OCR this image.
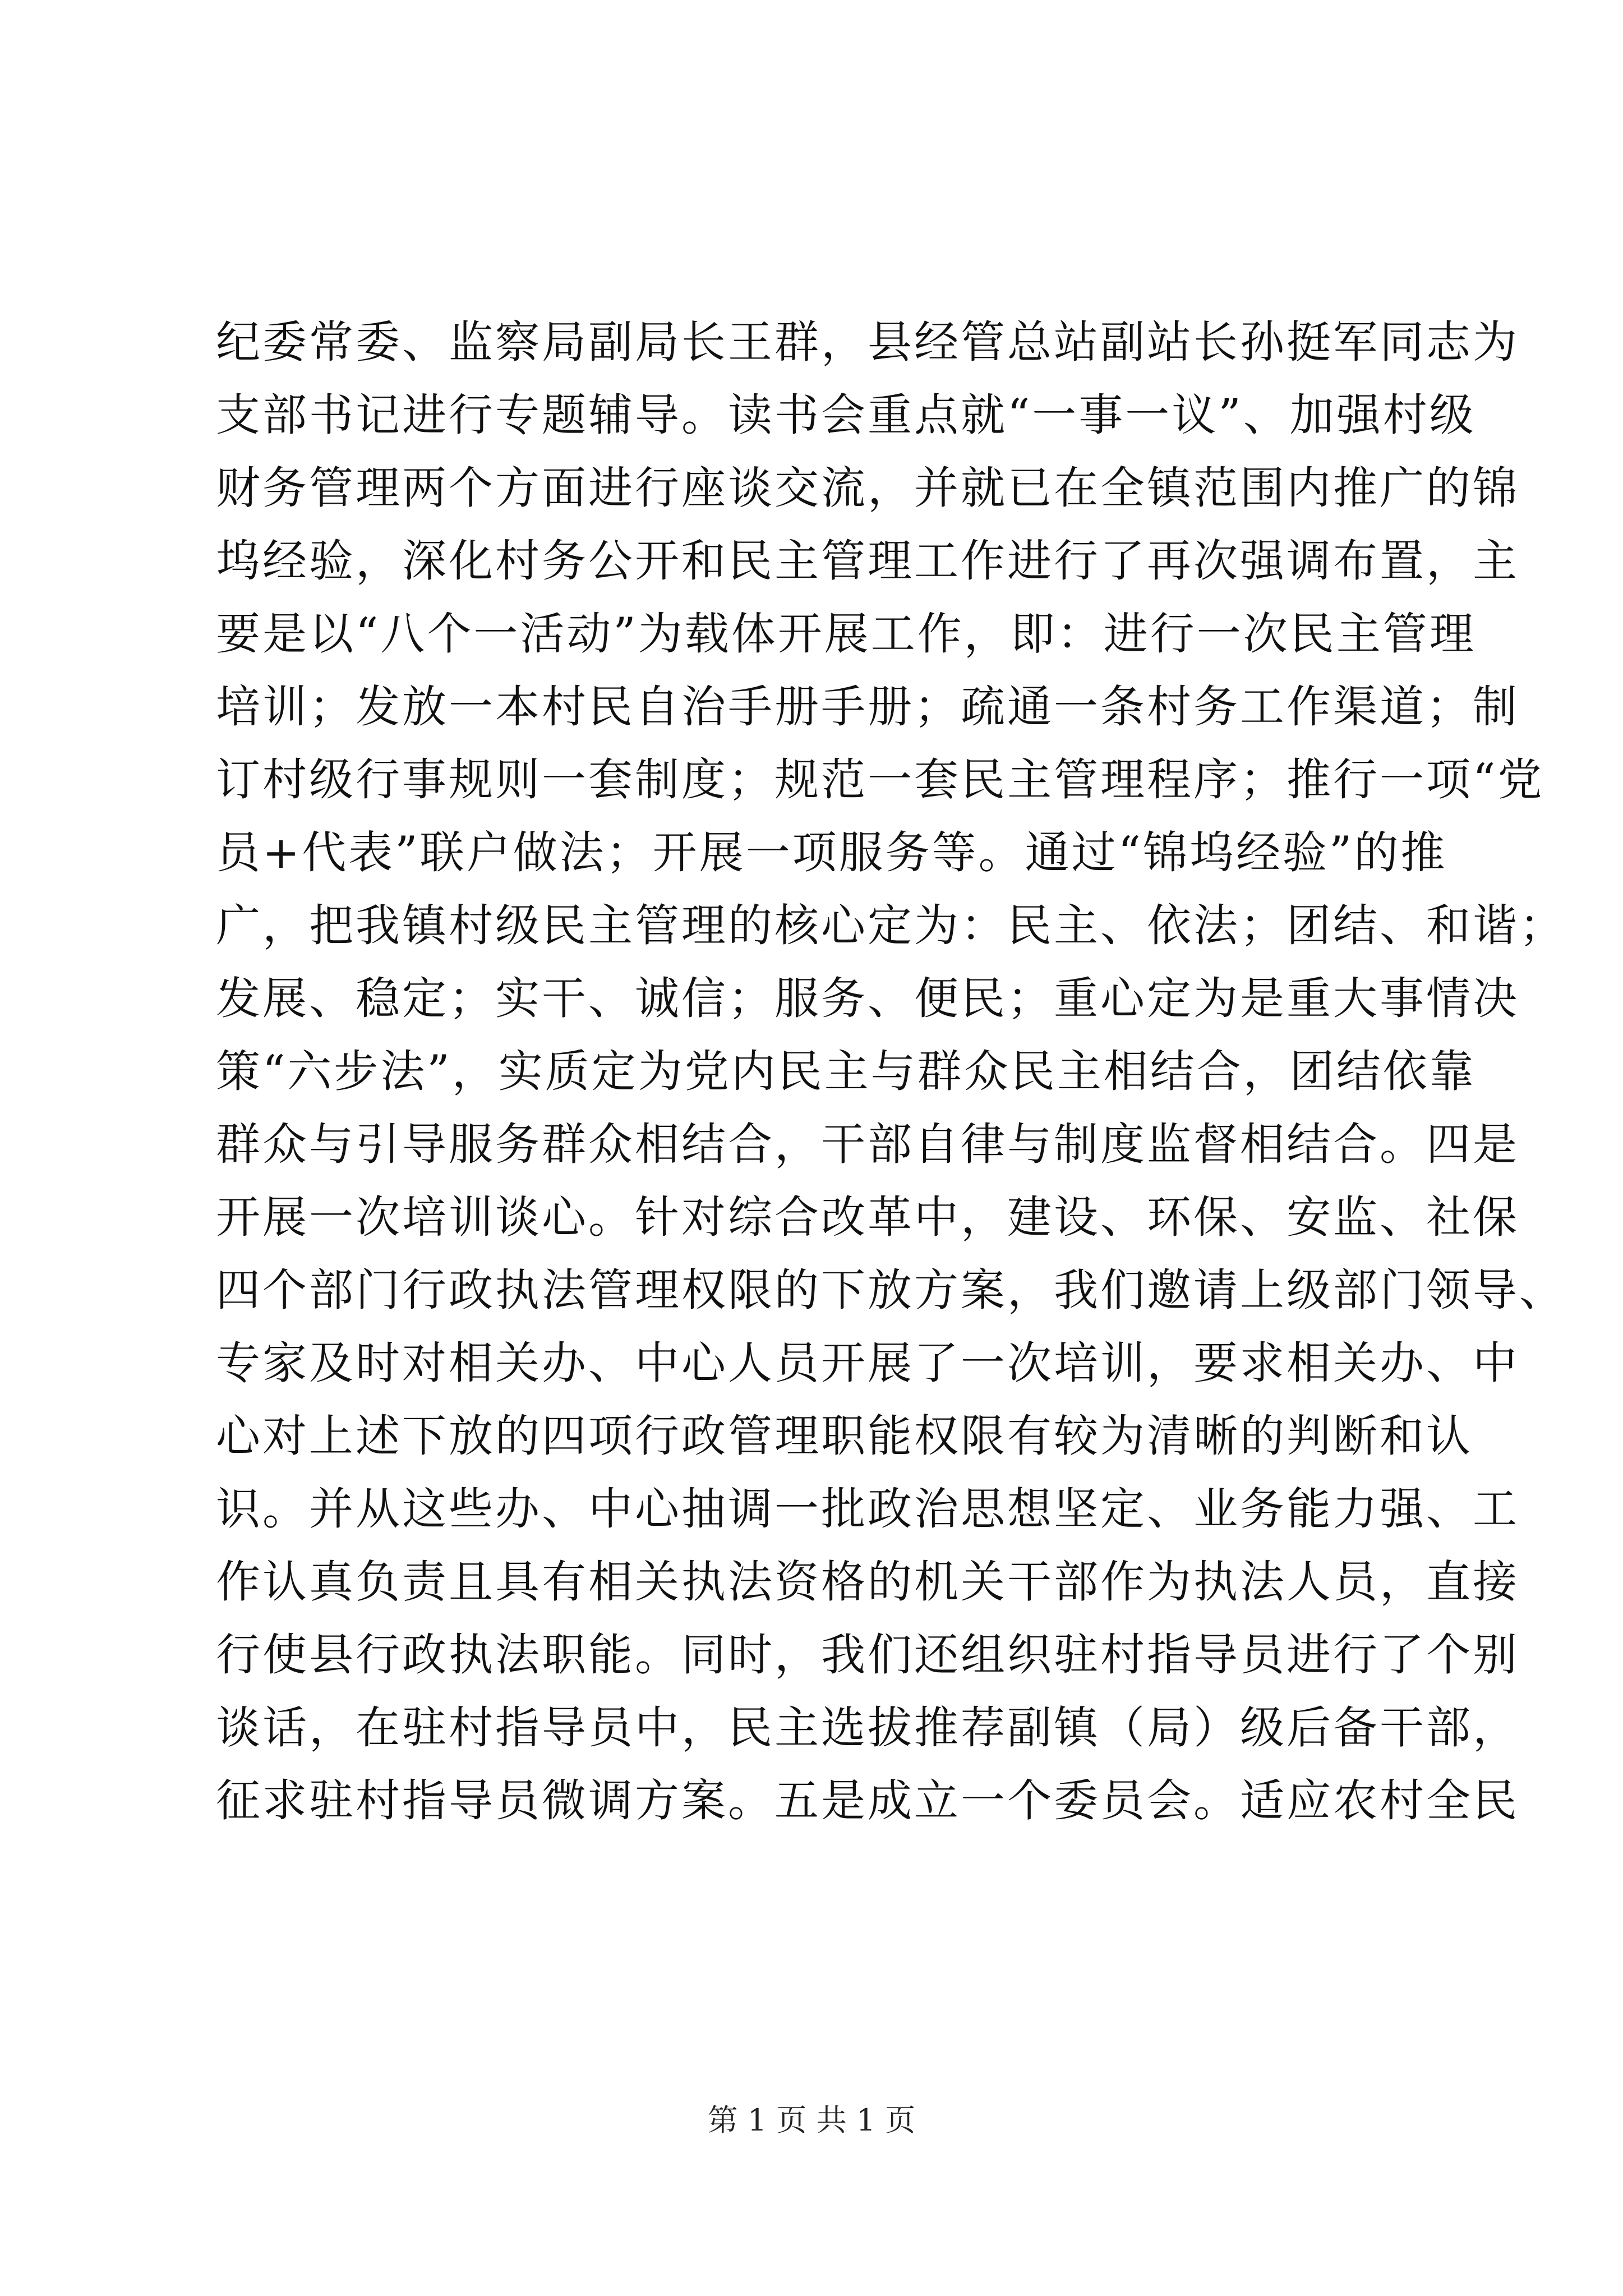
纪委常委、监察局副局长王群，县经管总站副站长孙挺军同志为
支部书记进行专题辅导。读书会重点就“一事一议”、加强村级
财务管理两个方面进行座谈交流，并就已在全镇范围内推广的锦
坞经验，深化村务公开和民主管理工作进行了再次强调布置，主
要是以“八个一活动”为载体开展工作，即：进行一次民主管理
培训；发放一本村民自治手册手册；疏通一条村务工作渠道；制
订村级行事规则一套制度；规范一套民主管理程序；推行一项“党
员+代表”联户做法；开展一项服务等。通过“锦坞经验”的推
广，把我镇村级民主管理的核心定为：民主、依法；团结、和谐；
发展、稳定；实干、诚信；服务、便民；重心定为是重大事情决
策“六步法”，实质定为党内民主与群众民主相结合，团结依靠
群众与引导服务群众相结合，干部自律与制度监督相结合。四是
开展一次培训谈心。针对综合改革中，建设、环保、安监、社保
四个部门行政执法管理权限的下放方案，我们邀请上级部门领导、
专家及时对相关办、中心人员开展了一次培训，要求相关办、中
心对上述下放的四项行政管理职能权限有较为清晰的判断和认
识。并从这些办、中心抽调一批政治思想坚定、业务能力强、工
作认真负责且具有相关执法资格的机关干部作为执法人员，直接
行使县行政执法职能。同时，我们还组织驻村指导员进行了个别
谈话，在驻村指导员中，民主选拔推荐副镇（局）级后备干部，
征求驻村指导员微调方案。五是成立一个委员会。适应农村全民
第 1 页 共 1 页
